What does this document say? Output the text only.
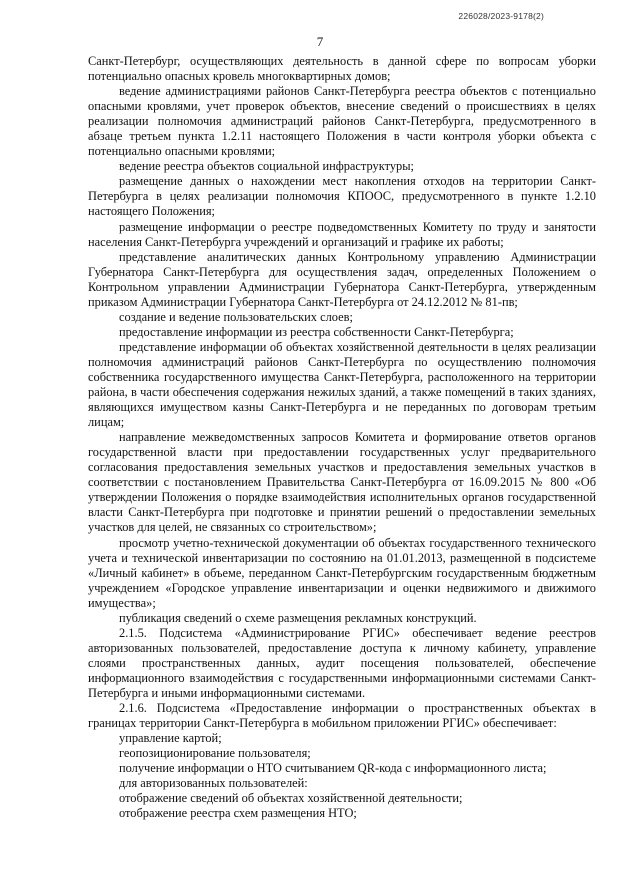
226028/2023-9178(2)
7

Санкт-Петербург, осуществляющих деятельность в данной сфере по вопросам уборки потенциально опасных кровель многоквартирных домов;

ведение администрациями районов Санкт-Петербурга реестра объектов с потенциально опасными кровлями, учет проверок объектов, внесение сведений о происшествиях в целях реализации полномочия администраций районов Санкт-Петербурга, предусмотренного в абзаце третьем пункта 1.2.11 настоящего Положения в части контроля уборки объекта с потенциально опасными кровлями;

ведение реестра объектов социальной инфраструктуры;

размещение данных о нахождении мест накопления отходов на территории Санкт-Петербурга в целях реализации полномочия КПООС, предусмотренного в пункте 1.2.10 настоящего Положения;

размещение информации о реестре подведомственных Комитету по труду и занятости населения Санкт-Петербурга учреждений и организаций и графике их работы;

представление аналитических данных Контрольному управлению Администрации Губернатора Санкт-Петербурга для осуществления задач, определенных Положением о Контрольном управлении Администрации Губернатора Санкт-Петербурга, утвержденным приказом Администрации Губернатора Санкт-Петербурга от 24.12.2012 № 81-пв;

создание и ведение пользовательских слоев;

предоставление информации из реестра собственности Санкт-Петербурга;

представление информации об объектах хозяйственной деятельности в целях реализации полномочия администраций районов Санкт-Петербурга по осуществлению полномочия собственника государственного имущества Санкт-Петербурга, расположенного на территории района, в части обеспечения содержания нежилых зданий, а также помещений в таких зданиях, являющихся имуществом казны Санкт-Петербурга и не переданных по договорам третьим лицам;

направление межведомственных запросов Комитета и формирование ответов органов государственной власти при предоставлении государственных услуг предварительного согласования предоставления земельных участков и предоставления земельных участков в соответствии с постановлением Правительства Санкт-Петербурга от 16.09.2015 № 800 «Об утверждении Положения о порядке взаимодействия исполнительных органов государственной власти Санкт-Петербурга при подготовке и принятии решений о предоставлении земельных участков для целей, не связанных со строительством»;

просмотр учетно-технической документации об объектах государственного технического учета и технической инвентаризации по состоянию на 01.01.2013, размещенной в подсистеме «Личный кабинет» в объеме, переданном Санкт-Петербургским государственным бюджетным учреждением «Городское управление инвентаризации и оценки недвижимого и движимого имущества»;

публикация сведений о схеме размещения рекламных конструкций.

2.1.5. Подсистема «Администрирование РГИС» обеспечивает ведение реестров авторизованных пользователей, предоставление доступа к личному кабинету, управление слоями пространственных данных, аудит посещения пользователей, обеспечение информационного взаимодействия с государственными информационными системами Санкт-Петербурга и иными информационными системами.

2.1.6. Подсистема «Предоставление информации о пространственных объектах в границах территории Санкт-Петербурга в мобильном приложении РГИС» обеспечивает:

управление картой;

геопозиционирование пользователя;

получение информации о НТО считыванием QR-кода с информационного листа;

для авторизованных пользователей:

отображение сведений об объектах хозяйственной деятельности;

отображение реестра схем размещения НТО;
